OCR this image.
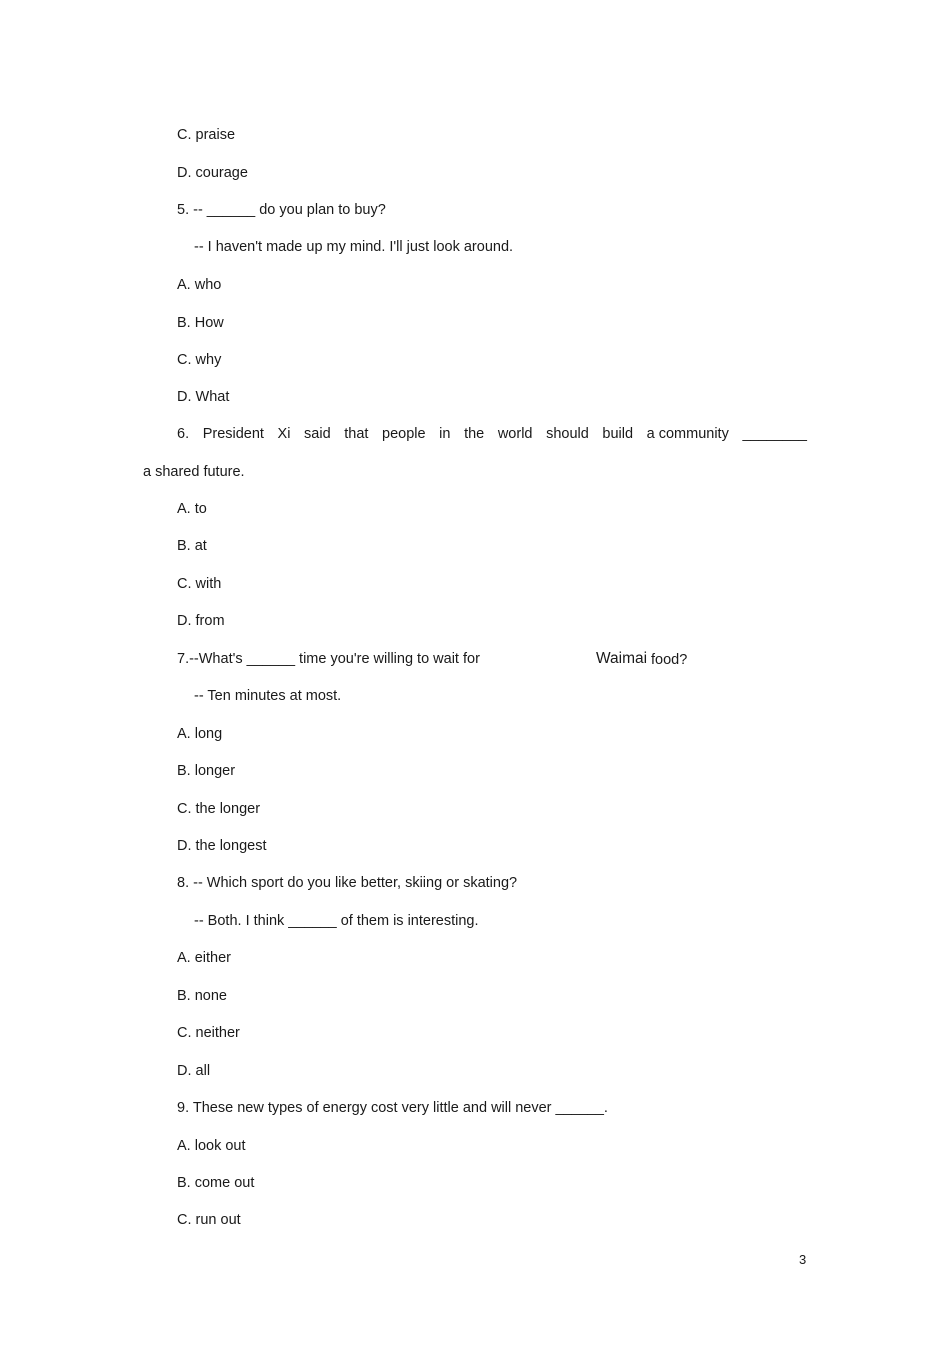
C. praise
D. courage
5. -- ______ do you plan to buy?
-- I haven't made up my mind. I'll just look around.
A. who
B. How
C. why
D. What
6. President Xi said that people in the world should build a community ________
a shared future.
A. to
B. at
C. with
D. from
7.--What's ______ time you're willing to wait for	Waimai food?
-- Ten minutes at most.
A. long
B. longer
C. the longer
D. the longest
8. -- Which sport do you like better, skiing or skating?
-- Both. I think ______ of them is interesting.
A. either
B. none
C. neither
D. all
9. These new types of energy cost very little and will never ______.
A. look out
B. come out
C. run out
3
